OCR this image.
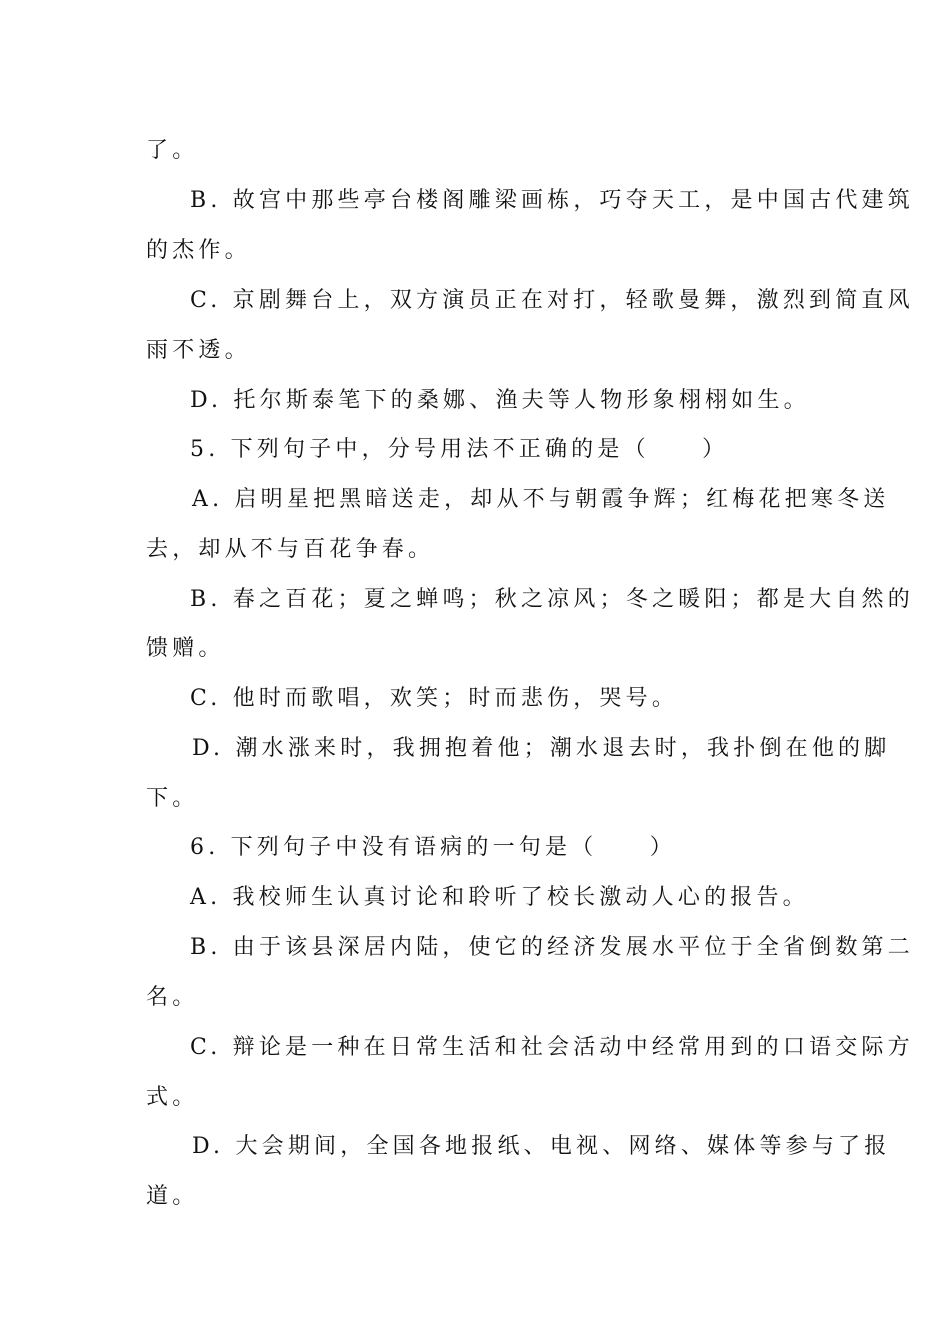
了。
B. 故宫中那些亭台楼阁雕梁画栋，巧夺天工，是中国古代建筑
的杰作。
C. 京剧舞台上，双方演员正在对打，轻歌曼舞，激烈到简直风
雨不透。
D. 托尔斯泰笔下的桑娜、渔夫等人物形象栩栩如生。
5. 下列句子中，分号用法不正确的是（　　）
A. 启明星把黑暗送走，却从不与朝霞争辉；红梅花把寒冬送
去，却从不与百花争春。
B. 春之百花；夏之蝉鸣；秋之凉风；冬之暖阳；都是大自然的
馈赠。
C. 他时而歌唱，欢笑；时而悲伤，哭号。
D. 潮水涨来时，我拥抱着他；潮水退去时，我扑倒在他的脚
下。
6. 下列句子中没有语病的一句是（　　）
A. 我校师生认真讨论和聆听了校长激动人心的报告。
B. 由于该县深居内陆，使它的经济发展水平位于全省倒数第二
名。
C. 辩论是一种在日常生活和社会活动中经常用到的口语交际方
式。
D. 大会期间，全国各地报纸、电视、网络、媒体等参与了报
道。
